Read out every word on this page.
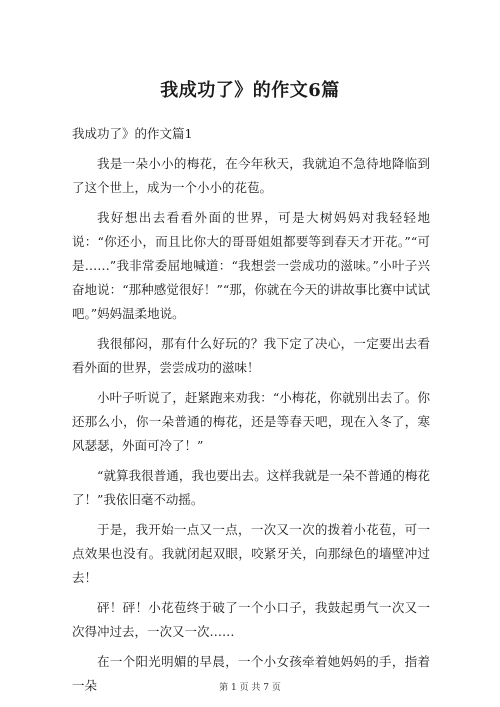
我成功了》的作文6篇
我成功了》的作文篇1

我是一朵小小的梅花，在今年秋天，我就迫不急待地降临到了这个世上，成为一个小小的花苞。

我好想出去看看外面的世界，可是大树妈妈对我轻轻地说：“你还小，而且比你大的哥哥姐姐都要等到春天才开花。”“可是……”我非常委屈地喊道：“我想尝一尝成功的滋味。”小叶子兴奋地说：“那种感觉很好！”“那，你就在今天的讲故事比赛中试试吧。”妈妈温柔地说。

我很郁闷，那有什么好玩的？我下定了决心，一定要出去看看外面的世界，尝尝成功的滋味！

小叶子听说了，赶紧跑来劝我：“小梅花，你就别出去了。你还那么小，你一朵普通的梅花，还是等春天吧，现在入冬了，寒风瑟瑟，外面可冷了！”

“就算我很普通，我也要出去。这样我就是一朵不普通的梅花了！”我依旧毫不动摇。

于是，我开始一点又一点，一次又一次的拨着小花苞，可一点效果也没有。我就闭起双眼，咬紧牙关，向那绿色的墙壁冲过去！

砰！砰！小花苞终于破了一个小口子，我鼓起勇气一次又一次得冲过去，一次又一次……

在一个阳光明媚的早晨，一个小女孩牵着她妈妈的手，指着一朵	第 1 页 共 7 页
